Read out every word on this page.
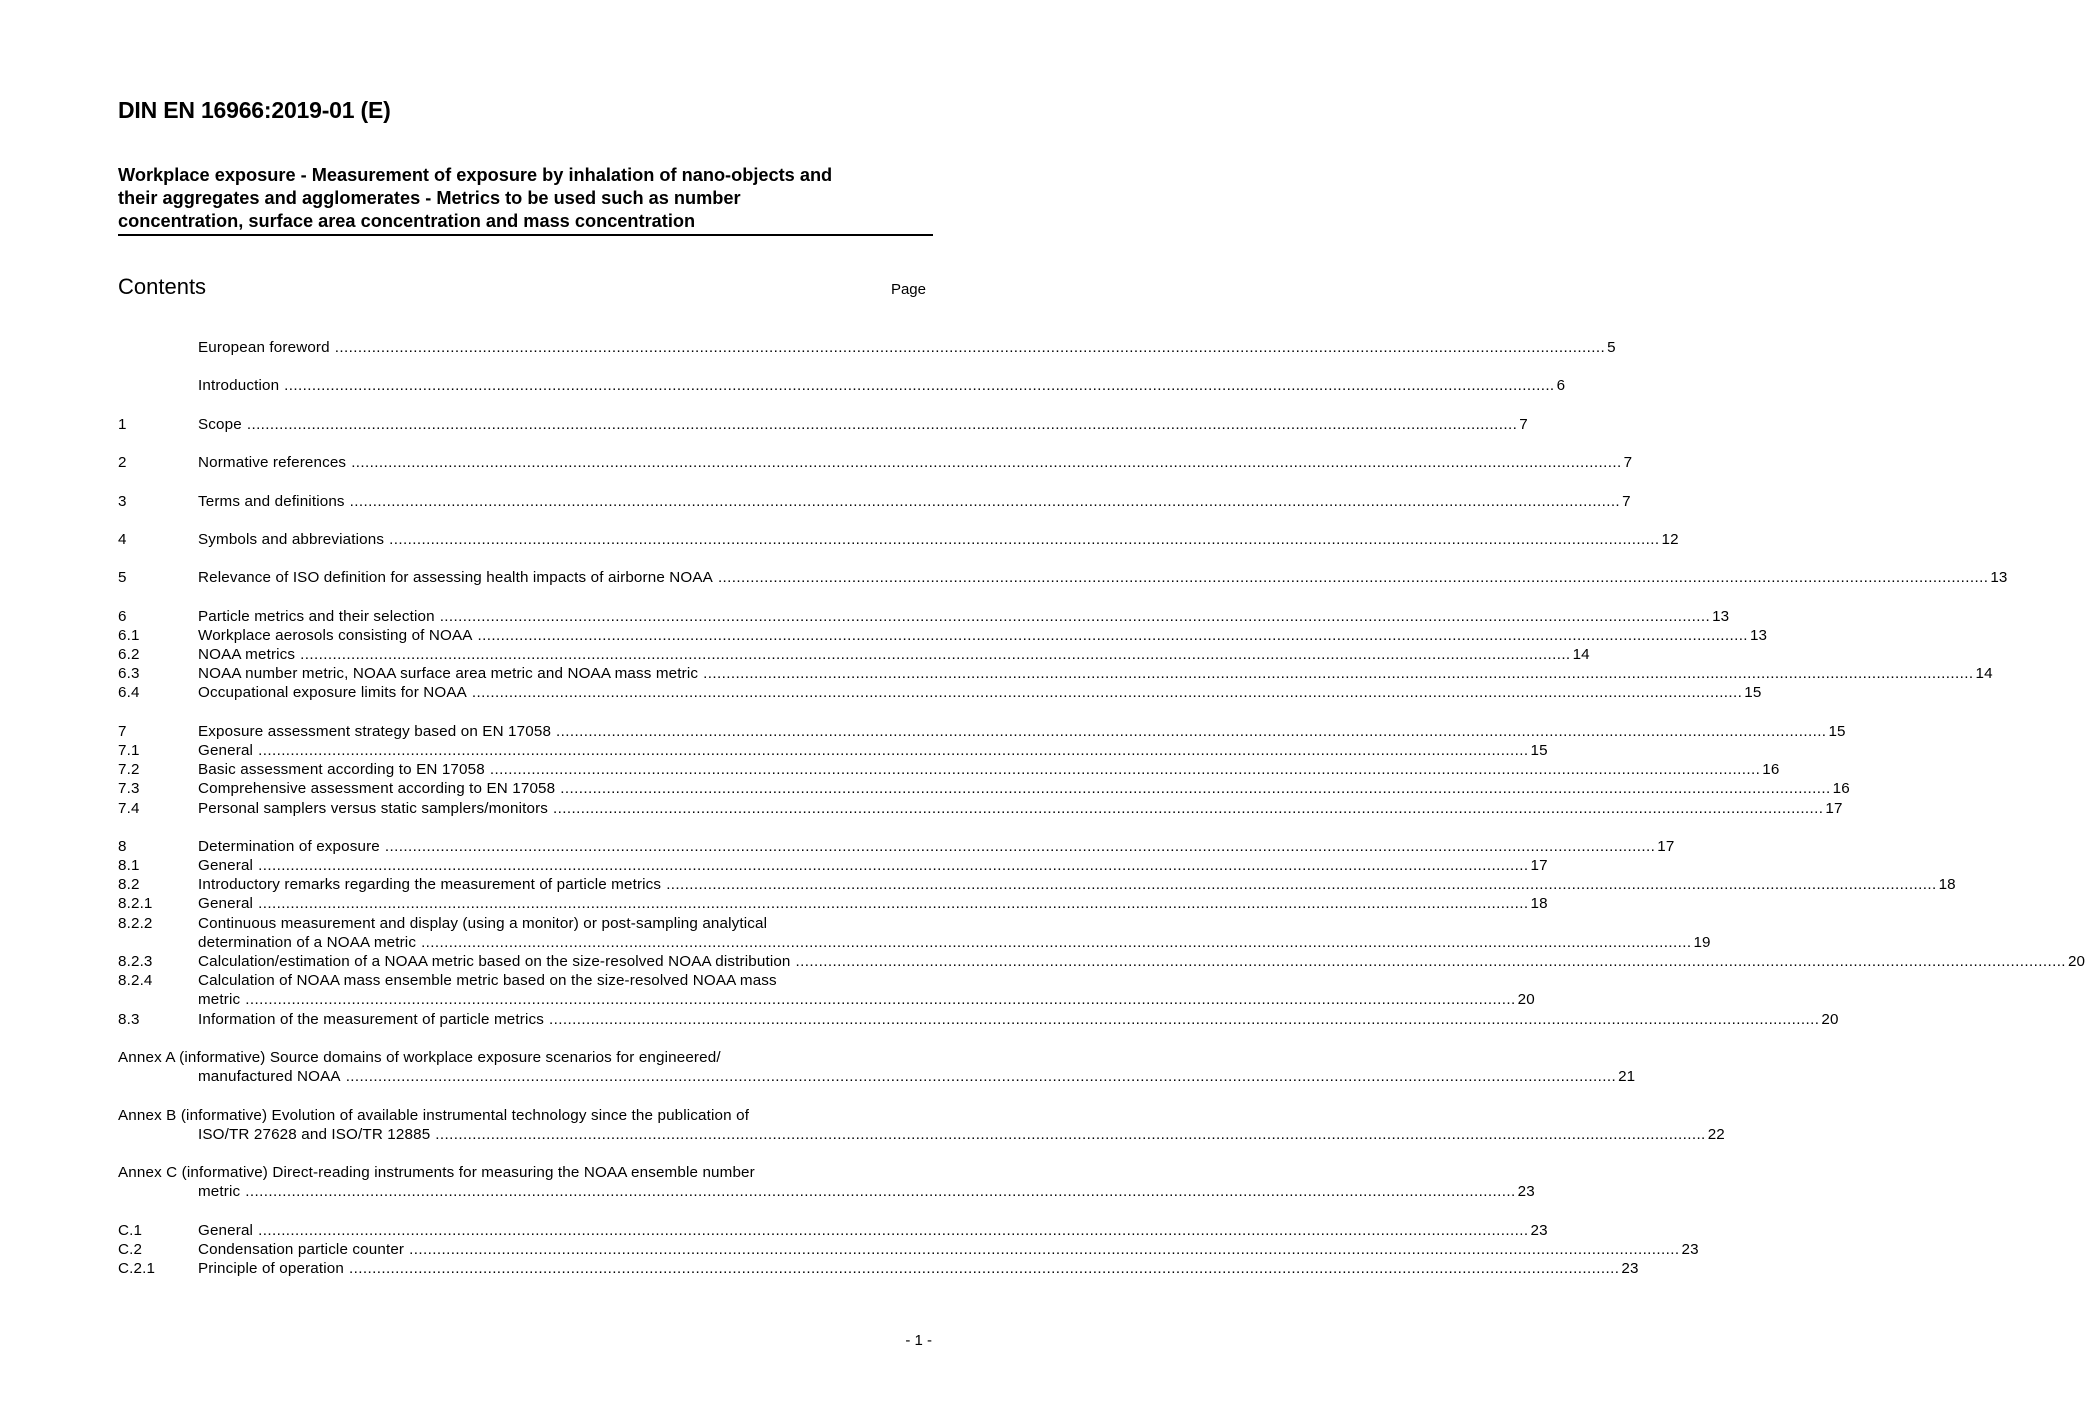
DIN EN 16966:2019-01 (E)
Workplace exposure - Measurement of exposure by inhalation of nano-objects and
their aggregates and agglomerates - Metrics to be used such as number
concentration, surface area concentration and mass concentration
Contents	Page
European foreword .....	5
Introduction .....	6
1	Scope .....	7
2	Normative references .....	7
3	Terms and definitions .....	7
4	Symbols and abbreviations .....	12
5	Relevance of ISO definition for assessing health impacts of airborne NOAA .....	13
6	Particle metrics and their selection .....	13
6.1	Workplace aerosols consisting of NOAA .....	13
6.2	NOAA metrics .....	14
6.3	NOAA number metric, NOAA surface area metric and NOAA mass metric .....	14
6.4	Occupational exposure limits for NOAA .....	15
7	Exposure assessment strategy based on EN 17058 .....	15
7.1	General .....	15
7.2	Basic assessment according to EN 17058 .....	16
7.3	Comprehensive assessment according to EN 17058 .....	16
7.4	Personal samplers versus static samplers/monitors .....	17
8	Determination of exposure .....	17
8.1	General .....	17
8.2	Introductory remarks regarding the measurement of particle metrics .....	18
8.2.1	General .....	18
8.2.2	Continuous measurement and display (using a monitor) or post-sampling analytical
determination of a NOAA metric .....	19
8.2.3	Calculation/estimation of a NOAA metric based on the size-resolved NOAA distribution .....	20
8.2.4	Calculation of NOAA mass ensemble metric based on the size-resolved NOAA mass
metric .....	20
8.3	Information of the measurement of particle metrics .....	20
Annex A (informative) Source domains of workplace exposure scenarios for engineered/
manufactured NOAA .....	21
Annex B (informative) Evolution of available instrumental technology since the publication of
ISO/TR 27628 and ISO/TR 12885 .....	22
Annex C (informative) Direct-reading instruments for measuring the NOAA ensemble number
metric .....	23
C.1	General .....	23
C.2	Condensation particle counter .....	23
C.2.1	Principle of operation .....	23
- 1 -
